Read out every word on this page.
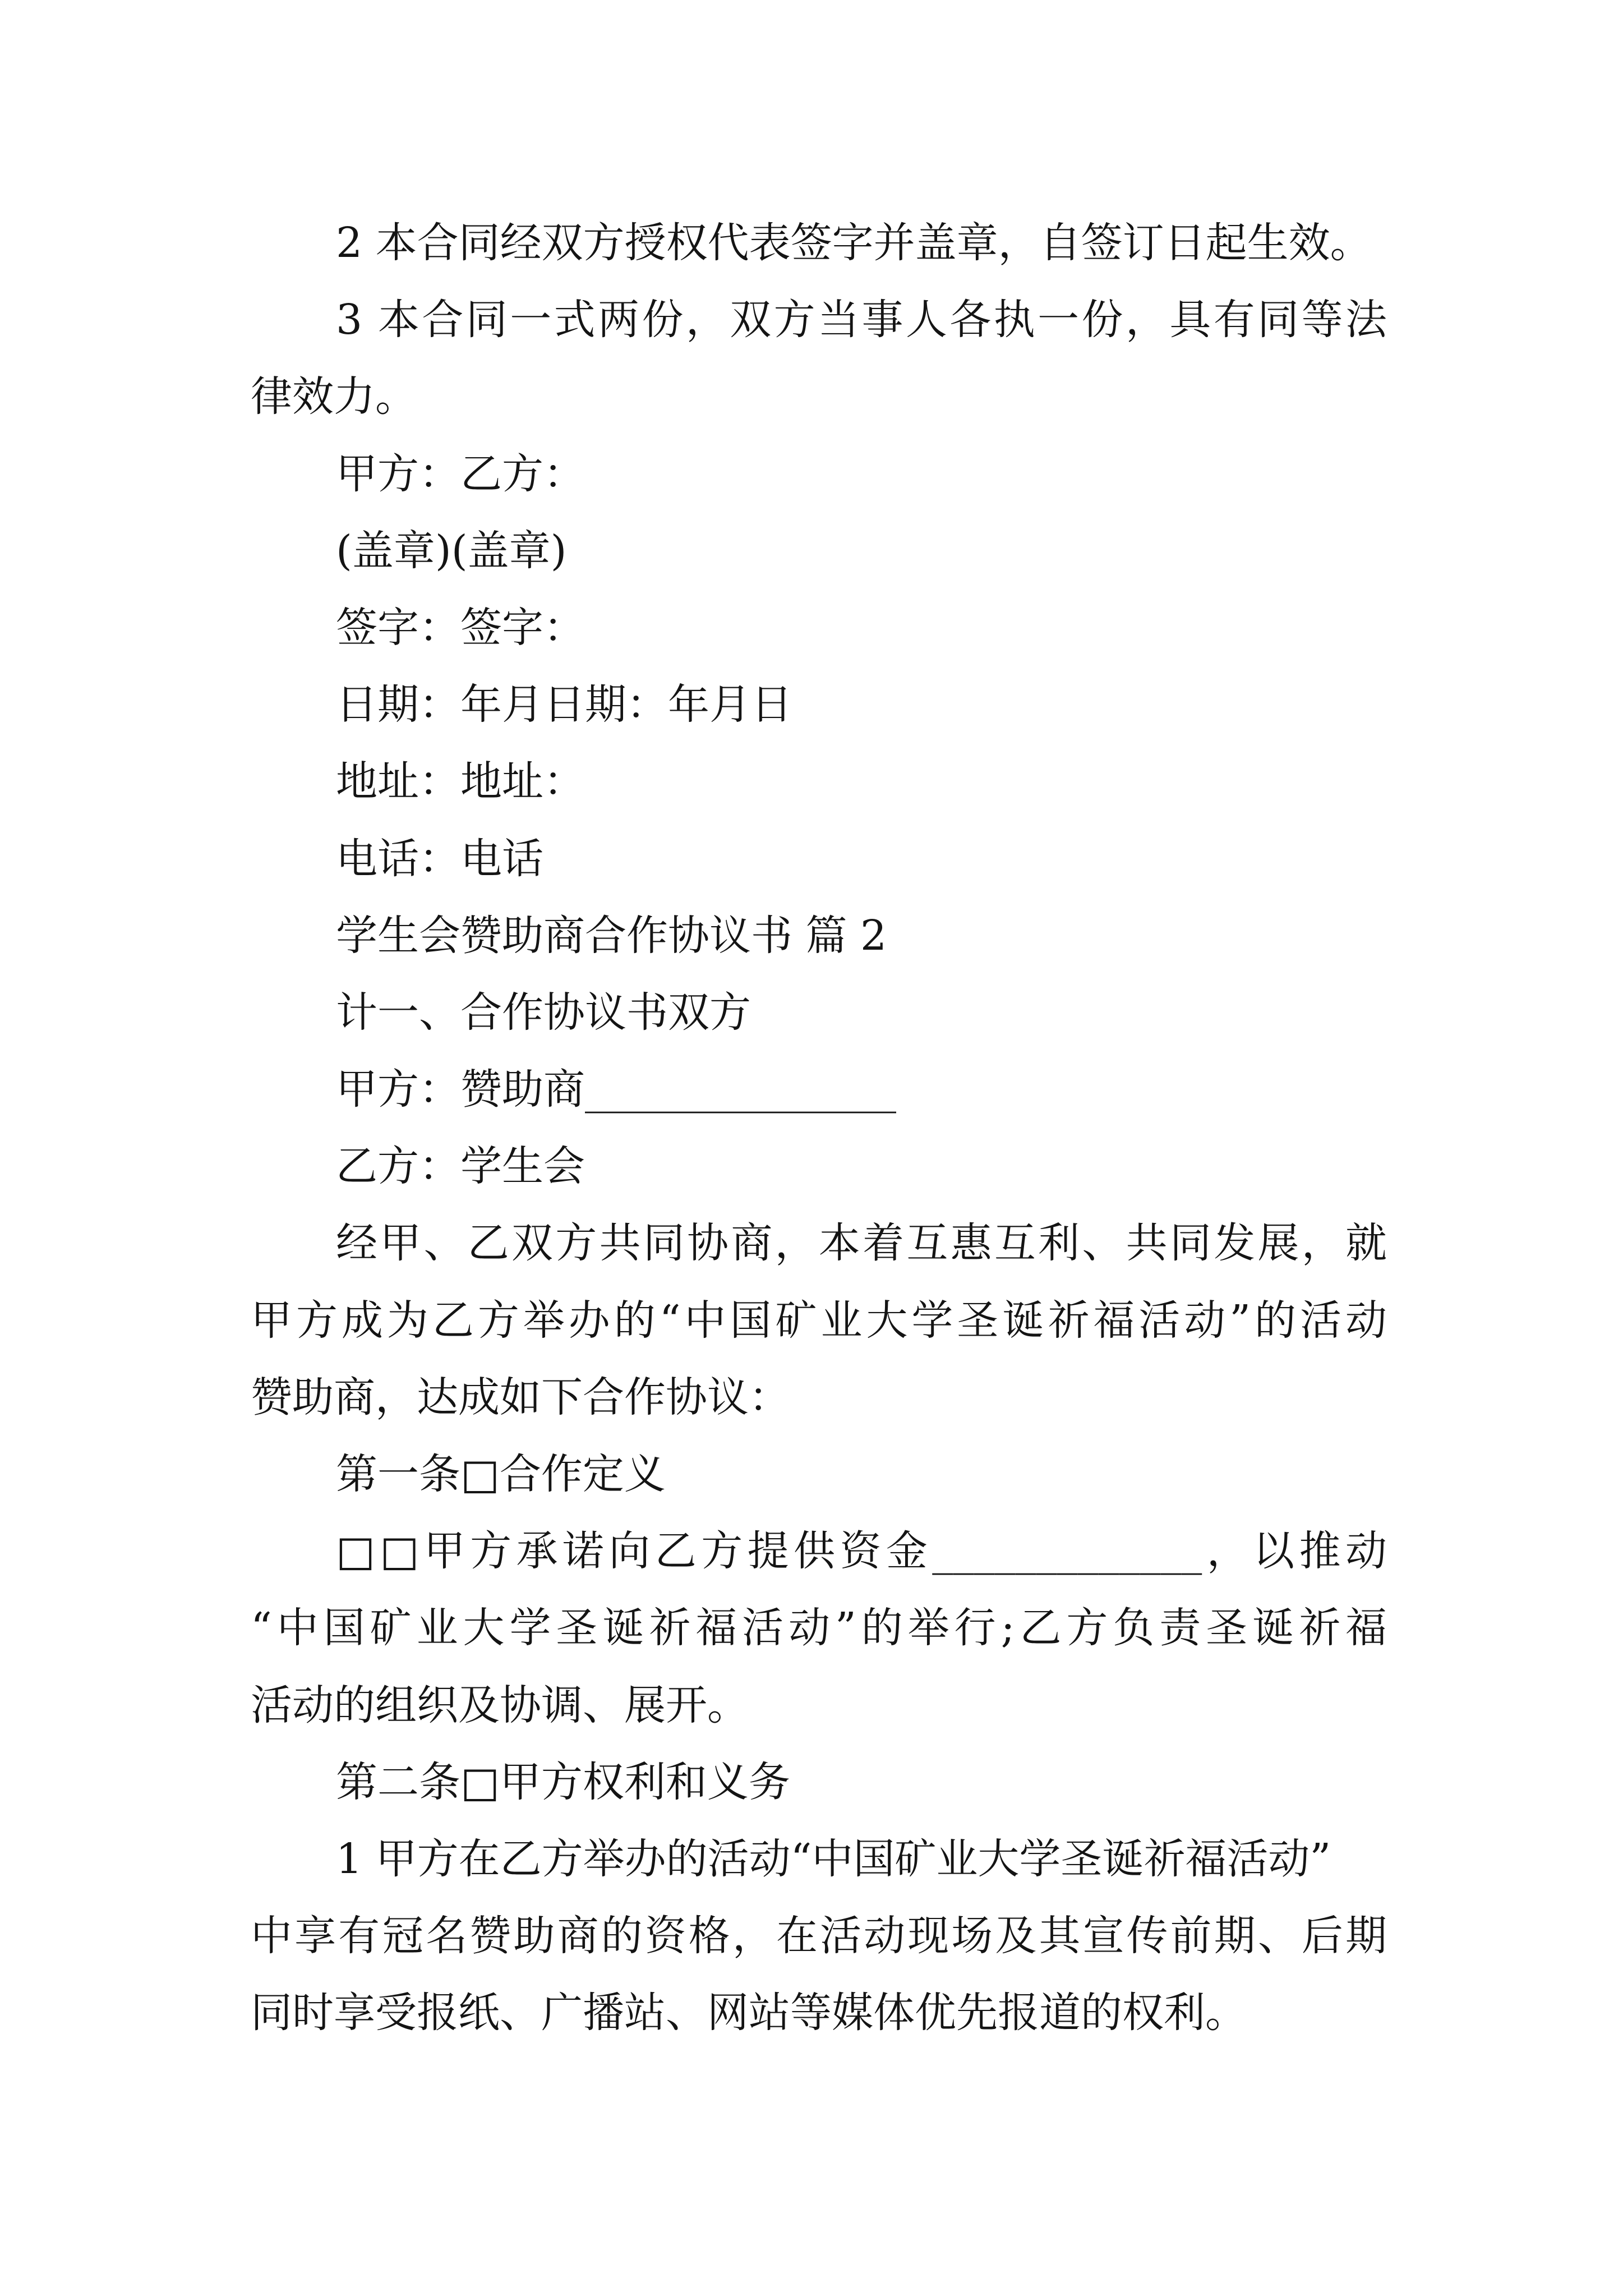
2 本合同经双方授权代表签字并盖章，自签订日起生效。
3 本合同一式两份，双方当事人各执一份，具有同等法
律效力。
甲方：乙方：
(盖章)(盖章)
签字：签字：
日期：年月日期：年月日
地址：地址：
电话：电话
学生会赞助商合作协议书 篇 2
计一、合作协议书双方
甲方：赞助商_______________
乙方：学生会
经甲、乙双方共同协商，本着互惠互利、共同发展，就
甲方成为乙方举办的“中国矿业大学圣诞祈福活动”的活动
赞助商，达成如下合作协议：
第一条□合作定义
□□甲方承诺向乙方提供资金_____________，以推动
“中国矿业大学圣诞祈福活动”的举行;乙方负责圣诞祈福
活动的组织及协调、展开。
第二条□甲方权利和义务
1 甲方在乙方举办的活动“中国矿业大学圣诞祈福活动”
中享有冠名赞助商的资格，在活动现场及其宣传前期、后期
同时享受报纸、广播站、网站等媒体优先报道的权利。
